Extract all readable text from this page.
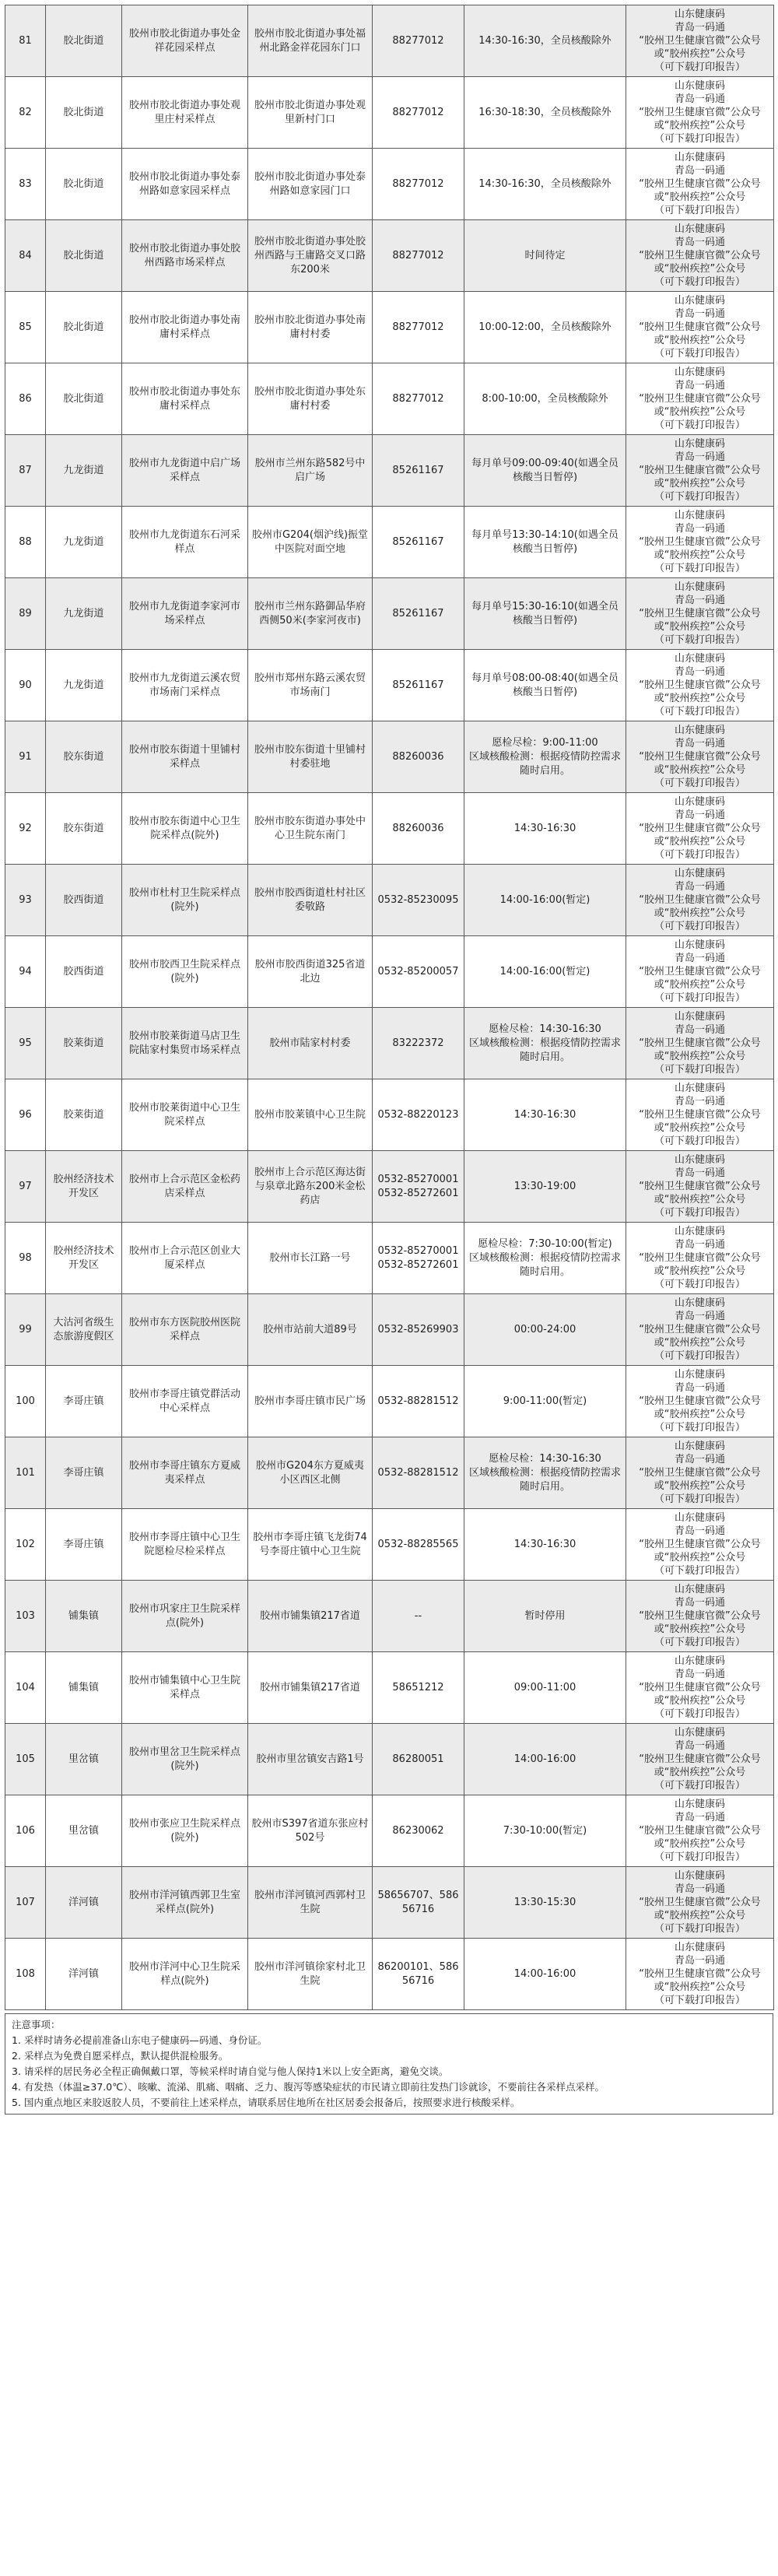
81	胶北街道	胶州市胶北街道办事处金祥花园采样点	胶州市胶北街道办事处福州北路金祥花园东门口	88277012	14:30-16:30，全员核酸除外	山东健康码
青岛一码通
“胶州卫生健康官微”公众号
或“胶州疾控”公众号
（可下载打印报告）
82	胶北街道	胶州市胶北街道办事处观里庄村采样点	胶州市胶北街道办事处观里新村门口	88277012	16:30-18:30，全员核酸除外	山东健康码
青岛一码通
“胶州卫生健康官微”公众号
或“胶州疾控”公众号
（可下载打印报告）
83	胶北街道	胶州市胶北街道办事处泰州路如意家园采样点	胶州市胶北街道办事处泰州路如意家园门口	88277012	14:30-16:30，全员核酸除外	山东健康码
青岛一码通
“胶州卫生健康官微”公众号
或“胶州疾控”公众号
（可下载打印报告）
84	胶北街道	胶州市胶北街道办事处胶州西路市场采样点	胶州市胶北街道办事处胶州西路与王庸路交叉口路东200米	88277012	时间待定	山东健康码
青岛一码通
“胶州卫生健康官微”公众号
或“胶州疾控”公众号
（可下载打印报告）
85	胶北街道	胶州市胶北街道办事处南庸村采样点	胶州市胶北街道办事处南庸村村委	88277012	10:00-12:00，全员核酸除外	山东健康码
青岛一码通
“胶州卫生健康官微”公众号
或“胶州疾控”公众号
（可下载打印报告）
86	胶北街道	胶州市胶北街道办事处东庸村采样点	胶州市胶北街道办事处东庸村村委	88277012	8:00-10:00，全员核酸除外	山东健康码
青岛一码通
“胶州卫生健康官微”公众号
或“胶州疾控”公众号
（可下载打印报告）
87	九龙街道	胶州市九龙街道中启广场采样点	胶州市兰州东路582号中启广场	85261167	每月单号09:00-09:40(如遇全员核酸当日暂停)	山东健康码
青岛一码通
“胶州卫生健康官微”公众号
或“胶州疾控”公众号
（可下载打印报告）
88	九龙街道	胶州市九龙街道东石河采样点	胶州市G204(烟沪线)振堂中医院对面空地	85261167	每月单号13:30-14:10(如遇全员核酸当日暂停)	山东健康码
青岛一码通
“胶州卫生健康官微”公众号
或“胶州疾控”公众号
（可下载打印报告）
89	九龙街道	胶州市九龙街道李家河市场采样点	胶州市兰州东路御品华府西侧50米(李家河夜市)	85261167	每月单号15:30-16:10(如遇全员核酸当日暂停)	山东健康码
青岛一码通
“胶州卫生健康官微”公众号
或“胶州疾控”公众号
（可下载打印报告）
90	九龙街道	胶州市九龙街道云溪农贸市场南门采样点	胶州市郑州东路云溪农贸市场南门	85261167	每月单号08:00-08:40(如遇全员核酸当日暂停)	山东健康码
青岛一码通
“胶州卫生健康官微”公众号
或“胶州疾控”公众号
（可下载打印报告）
91	胶东街道	胶州市胶东街道十里铺村采样点	胶州市胶东街道十里铺村村委驻地	88260036	愿检尽检：9:00-11:00
区域核酸检测：根据疫情防控需求随时启用。	山东健康码
青岛一码通
“胶州卫生健康官微”公众号
或“胶州疾控”公众号
（可下载打印报告）
92	胶东街道	胶州市胶东街道中心卫生院采样点(院外)	胶州市胶东街道办事处中心卫生院东南门	88260036	14:30-16:30	山东健康码
青岛一码通
“胶州卫生健康官微”公众号
或“胶州疾控”公众号
（可下载打印报告）
93	胶西街道	胶州市杜村卫生院采样点(院外)	胶州市胶西街道杜村社区委敬路	0532-85230095	14:00-16:00(暂定)	山东健康码
青岛一码通
“胶州卫生健康官微”公众号
或“胶州疾控”公众号
（可下载打印报告）
94	胶西街道	胶州市胶西卫生院采样点(院外)	胶州市胶西街道325省道北边	0532-85200057	14:00-16:00(暂定)	山东健康码
青岛一码通
“胶州卫生健康官微”公众号
或“胶州疾控”公众号
（可下载打印报告）
95	胶莱街道	胶州市胶莱街道马店卫生院陆家村集贸市场采样点	胶州市陆家村村委	83222372	愿检尽检：14:30-16:30
区域核酸检测：根据疫情防控需求随时启用。	山东健康码
青岛一码通
“胶州卫生健康官微”公众号
或“胶州疾控”公众号
（可下载打印报告）
96	胶莱街道	胶州市胶莱街道中心卫生院采样点	胶州市胶莱镇中心卫生院	0532-88220123	14:30-16:30	山东健康码
青岛一码通
“胶州卫生健康官微”公众号
或“胶州疾控”公众号
（可下载打印报告）
97	胶州经济技术开发区	胶州市上合示范区金松药店采样点	胶州市上合示范区海达街与泉章北路东200米金松药店	0532-85270001
0532-85272601	13:30-19:00	山东健康码
青岛一码通
“胶州卫生健康官微”公众号
或“胶州疾控”公众号
（可下载打印报告）
98	胶州经济技术开发区	胶州市上合示范区创业大厦采样点	胶州市长江路一号	0532-85270001
0532-85272601	愿检尽检：7:30-10:00(暂定)
区域核酸检测：根据疫情防控需求随时启用。	山东健康码
青岛一码通
“胶州卫生健康官微”公众号
或“胶州疾控”公众号
（可下载打印报告）
99	大沽河省级生态旅游度假区	胶州市东方医院胶州医院采样点	胶州市站前大道89号	0532-85269903	00:00-24:00	山东健康码
青岛一码通
“胶州卫生健康官微”公众号
或“胶州疾控”公众号
（可下载打印报告）
100	李哥庄镇	胶州市李哥庄镇党群活动中心采样点	胶州市李哥庄镇市民广场	0532-88281512	9:00-11:00(暂定)	山东健康码
青岛一码通
“胶州卫生健康官微”公众号
或“胶州疾控”公众号
（可下载打印报告）
101	李哥庄镇	胶州市李哥庄镇东方夏威夷采样点	胶州市G204东方夏威夷小区西区北侧	0532-88281512	愿检尽检：14:30-16:30
区域核酸检测：根据疫情防控需求随时启用。	山东健康码
青岛一码通
“胶州卫生健康官微”公众号
或“胶州疾控”公众号
（可下载打印报告）
102	李哥庄镇	胶州市李哥庄镇中心卫生院愿检尽检采样点	胶州市李哥庄镇飞龙街74号李哥庄镇中心卫生院	0532-88285565	14:30-16:30	山东健康码
青岛一码通
“胶州卫生健康官微”公众号
或“胶州疾控”公众号
（可下载打印报告）
103	铺集镇	胶州市巩家庄卫生院采样点(院外)	胶州市铺集镇217省道	--	暂时停用	山东健康码
青岛一码通
“胶州卫生健康官微”公众号
或“胶州疾控”公众号
（可下载打印报告）
104	铺集镇	胶州市铺集镇中心卫生院采样点	胶州市铺集镇217省道	58651212	09:00-11:00	山东健康码
青岛一码通
“胶州卫生健康官微”公众号
或“胶州疾控”公众号
（可下载打印报告）
105	里岔镇	胶州市里岔卫生院采样点(院外)	胶州市里岔镇安吉路1号	86280051	14:00-16:00	山东健康码
青岛一码通
“胶州卫生健康官微”公众号
或“胶州疾控”公众号
（可下载打印报告）
106	里岔镇	胶州市张应卫生院采样点(院外)	胶州市S397省道东张应村502号	86230062	7:30-10:00(暂定)	山东健康码
青岛一码通
“胶州卫生健康官微”公众号
或“胶州疾控”公众号
（可下载打印报告）
107	洋河镇	胶州市洋河镇西郭卫生室采样点(院外)	胶州市洋河镇河西郭村卫生院	58656707、58656716	13:30-15:30	山东健康码
青岛一码通
“胶州卫生健康官微”公众号
或“胶州疾控”公众号
（可下载打印报告）
108	洋河镇	胶州市洋河中心卫生院采样点(院外)	胶州市洋河镇徐家村北卫生院	86200101、58656716	14:00-16:00	山东健康码
青岛一码通
“胶州卫生健康官微”公众号
或“胶州疾控”公众号
（可下载打印报告）
注意事项：
1. 采样时请务必提前准备山东电子健康码—码通、身份证。
2. 采样点为免费自愿采样点，默认提供混检服务。
3. 请采样的居民务必全程正确佩戴口罩，等候采样时请自觉与他人保持1米以上安全距离，避免交谈。
4. 有发热（体温≥37.0℃）、咳嗽、流涕、肌痛、咽痛、乏力、腹泻等感染症状的市民请立即前往发热门诊就诊，不要前往各采样点采样。
5. 国内重点地区来胶返胶人员，不要前往上述采样点，请联系居住地所在社区居委会报备后，按照要求进行核酸采样。
